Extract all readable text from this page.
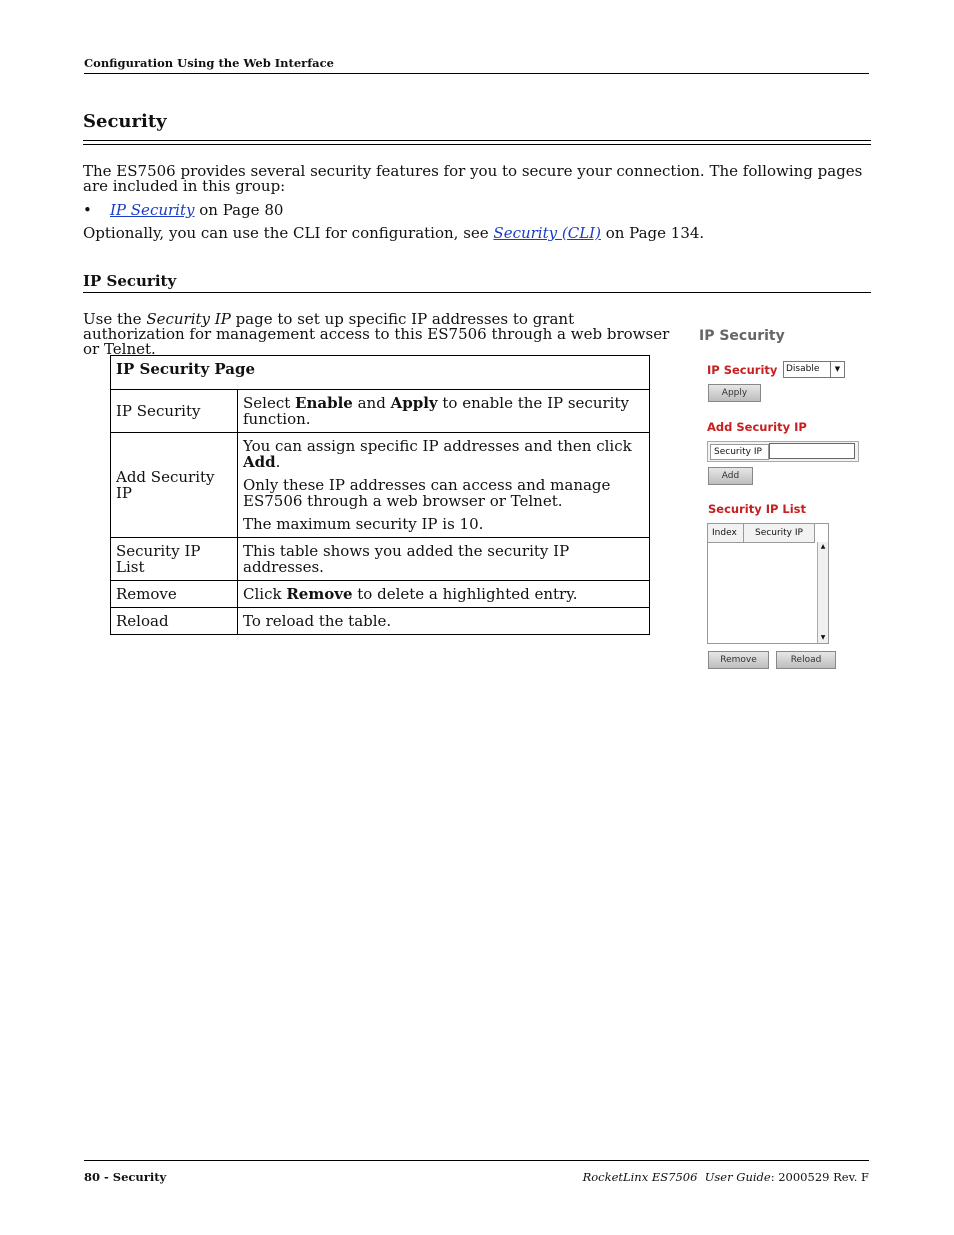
Configuration Using the Web Interface
Security

The ES7506 provides several security features for you to secure your connection. The following pages are included in this group:

• IP Security on Page 80
Optionally, you can use the CLI for configuration, see Security (CLI) on Page 134.
IP Security

Use the Security IP page to set up specific IP addresses to grant authorization for management access to this ES7506 through a web browser or Telnet.

IP Security Page	
IP Security	Select Enable and Apply to enable the IP security function.
Add Security IP	You can assign specific IP addresses and then click Add.

Only these IP addresses can access and manage ES7506 through a web browser or Telnet.

The maximum security IP is 10.

Security IP List	This table shows you added the security IP addresses.
Remove	Click Remove to delete a highlighted entry.
Reload	To reload the table.
IP Security
IP Security Disable	▼
Apply
Add Security IP
Security IP
Add
Security IP List
Index	Security IP
▲
▼
Remove	Reload
80 - Security	RocketLinx ES7506  User Guide: 2000529 Rev. F
